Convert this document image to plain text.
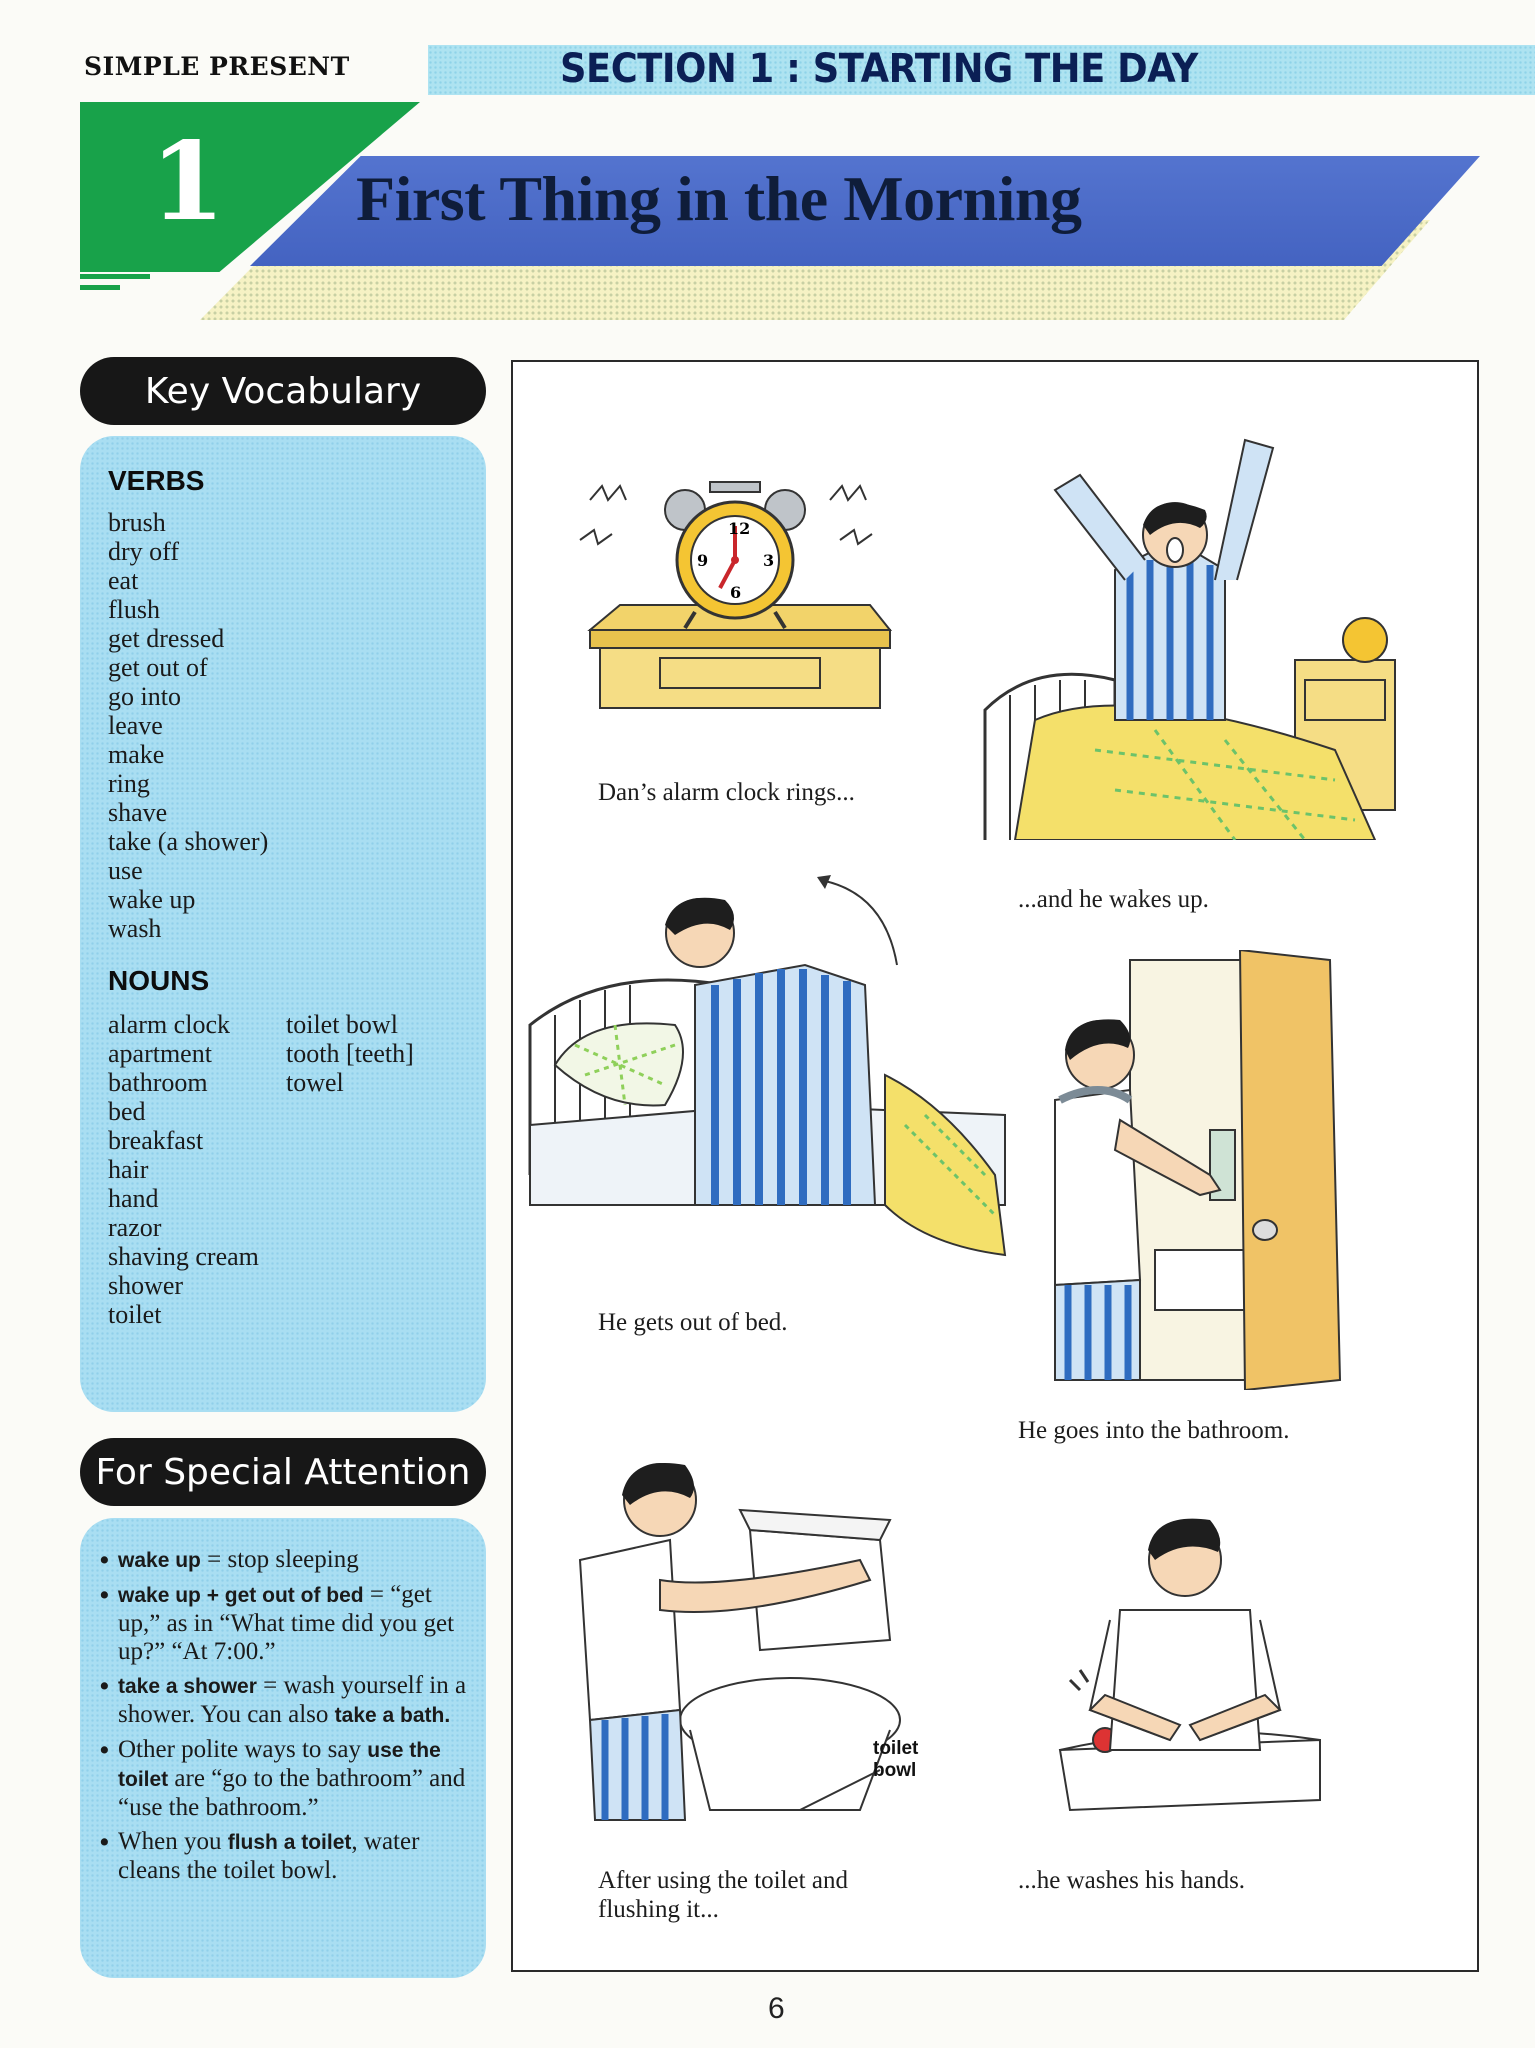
SIMPLE PRESENT	SECTION 1 : STARTING THE DAY
1 First Thing in the Morning
Key Vocabulary
VERBS
brush
dry off
eat
flush
get dressed
get out of
go into
leave
make
ring
shave
take (a shower)
use
wake up
wash
NOUNS
alarm clock
apartment
bathroom
bed
breakfast
hair
hand
razor
shaving cream
shower
toilet
toilet bowl
tooth [teeth]
towel
For Special Attention
• wake up = stop sleeping
• wake up + get out of bed = “get up,” as in “What time did you get up?” “At 7:00.”
• take a shower = wash yourself in a shower. You can also take a bath.
• Other polite ways to say use the toilet are “go to the bathroom” and “use the bathroom.”
• When you flush a toilet, water cleans the toilet bowl.
12
3
6
9
toilet bowl
Dan’s alarm clock rings...
...and he wakes up.
He gets out of bed.
He goes into the bathroom.
After using the toilet and flushing it...
...he washes his hands.
6
